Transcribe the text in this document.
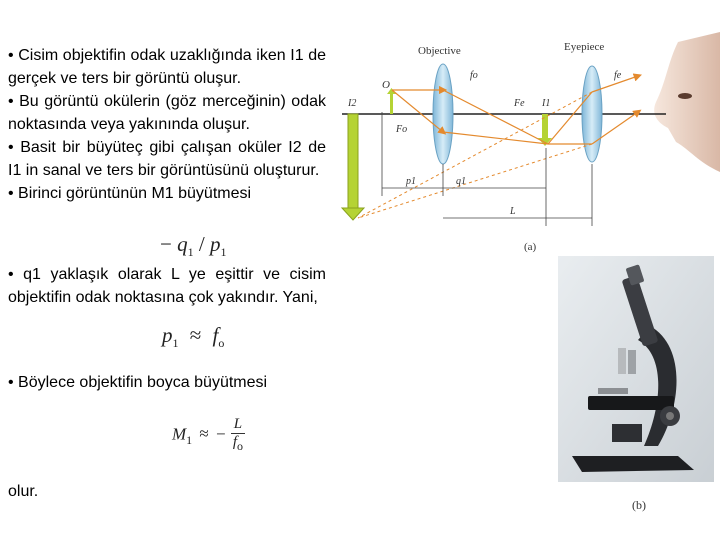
• Cisim objektifin odak uzaklığında iken I1 de gerçek ve ters bir görüntü oluşur.
• Bu görüntü okülerin (göz merceğinin) odak noktasında veya yakınında oluşur.
• Basit bir büyüteç gibi çalışan oküler I2 de I1 in sanal ve ters bir görüntüsünü oluşturur.
• Birinci görüntünün M1 büyütmesi
− $q_1 / p_1$
• q1 yaklaşık olarak L ye eşittir ve cisim objektifin odak noktasına çok yakındır. Yani,
$p_1 \approx f_o$
• Böylece objektifin boyca büyütmesi
$M_1$ ≈ − $\frac{L}{f_o}$
olur.
Objective	Eyepiece
fo	fe
O
I2
Fo
Fe I1
p1	q1
L
(a)
(b)
